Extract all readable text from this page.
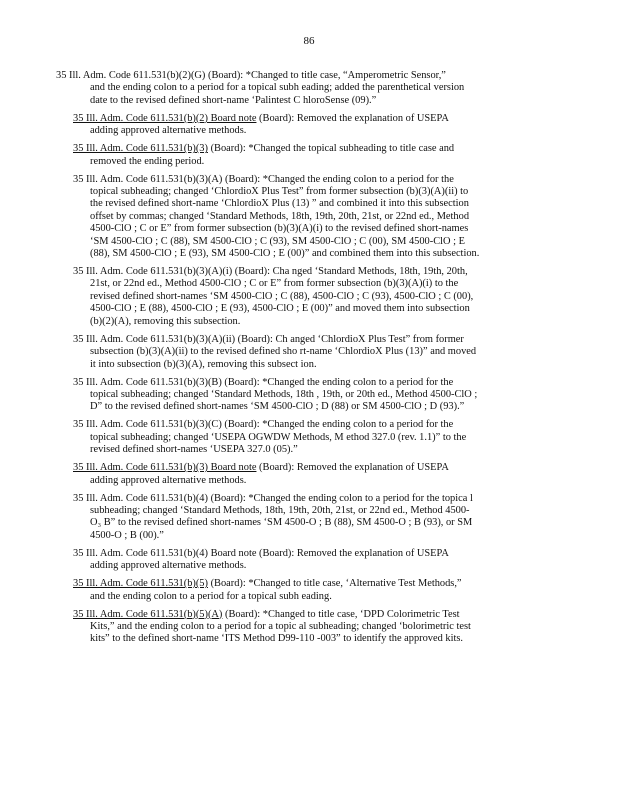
86
35 Ill. Adm. Code 611.531(b)(2)(G) (Board): *Changed to title case, “Amperometric Sensor,”
and the ending colon to a period for a topical subh eading; added the parenthetical version
date to the revised defined short-name ‘Palintest C hloroSense (09).”
35 Ill. Adm. Code 611.531(b)(2) Board note (Board): Removed the explanation of USEPA
adding approved alternative methods.
35 Ill. Adm. Code 611.531(b)(3) (Board): *Changed the topical subheading to title case and
removed the ending period.
35 Ill. Adm. Code 611.531(b)(3)(A) (Board): *Changed the ending colon to a period for the
topical subheading; changed ‘ChlordioX Plus Test” from former subsection (b)(3)(A)(ii) to
the revised defined short-name ‘ChlordioX Plus (13) ” and combined it into this subsection
offset by commas; changed ‘Standard Methods, 18th, 19th, 20th, 21st, or 22nd ed., Method
4500-ClO ; C or E” from former subsection (b)(3)(A)(i) to the revised defined short-names
‘SM 4500-ClO ; C (88), SM 4500-ClO ; C (93), SM 4500-ClO ; C (00), SM 4500-ClO ; E
(88), SM 4500-ClO ; E (93), SM 4500-ClO ; E (00)” and combined them into this subsection.
35 Ill. Adm. Code 611.531(b)(3)(A)(i) (Board): Cha nged ‘Standard Methods, 18th, 19th, 20th,
21st, or 22nd ed., Method 4500-ClO ; C or E” from former subsection (b)(3)(A)(i) to the
revised defined short-names ‘SM 4500-ClO ; C (88), 4500-ClO ; C (93), 4500-ClO ; C (00),
4500-ClO ; E (88), 4500-ClO ; E (93), 4500-ClO ; E (00)” and moved them into subsection
(b)(2)(A), removing this subsection.
35 Ill. Adm. Code 611.531(b)(3)(A)(ii) (Board): Ch anged ‘ChlordioX Plus Test” from former
subsection (b)(3)(A)(ii) to the revised defined sho rt-name ‘ChlordioX Plus (13)” and moved
it into subsection (b)(3)(A), removing this subsect ion.
35 Ill. Adm. Code 611.531(b)(3)(B) (Board): *Changed the ending colon to a period for the
topical subheading; changed ‘Standard Methods, 18th , 19th, or 20th ed., Method 4500-ClO ;
D” to the revised defined short-names ‘SM 4500-ClO ; D (88) or SM 4500-ClO ; D (93).”
35 Ill. Adm. Code 611.531(b)(3)(C) (Board): *Changed the ending colon to a period for the
topical subheading; changed ‘USEPA OGWDW Methods, M ethod 327.0 (rev. 1.1)” to the
revised defined short-names ‘USEPA 327.0 (05).”
35 Ill. Adm. Code 611.531(b)(3) Board note (Board): Removed the explanation of USEPA
adding approved alternative methods.
35 Ill. Adm. Code 611.531(b)(4) (Board): *Changed the ending colon to a period for the topica l
subheading; changed ‘Standard Methods, 18th, 19th, 20th, 21st, or 22nd ed., Method 4500-
O₃ B” to the revised defined short-names ‘SM 4500-O ; B (88), SM 4500-O ; B (93), or SM
4500-O ; B (00).”
35 Ill. Adm. Code 611.531(b)(4) Board note (Board): Removed the explanation of USEPA
adding approved alternative methods.
35 Ill. Adm. Code 611.531(b)(5) (Board): *Changed to title case, ‘Alternative Test Methods,”
and the ending colon to a period for a topical subh eading.
35 Ill. Adm. Code 611.531(b)(5)(A) (Board): *Changed to title case, ‘DPD Colorimetric Test
Kits,” and the ending colon to a period for a topic al subheading; changed ‘bolorimetric test
kits” to the defined short-name ‘ITS Method D99-110 -003” to identify the approved kits.
